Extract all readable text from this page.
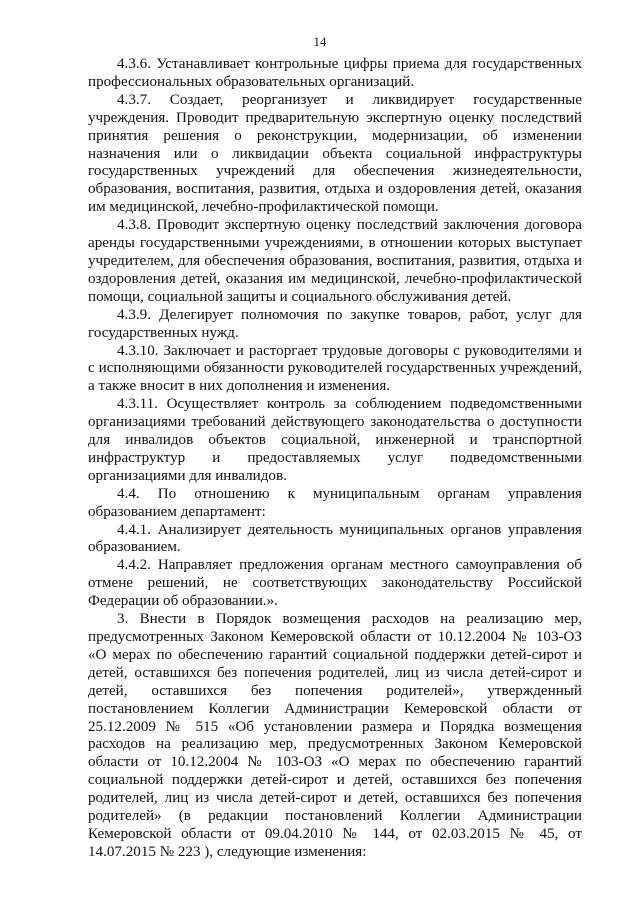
14

4.3.6. Устанавливает контрольные цифры приема для государственных профессиональных образовательных организаций.

4.3.7. Создает, реорганизует и ликвидирует государственные учреждения. Проводит предварительную экспертную оценку последствий принятия решения о реконструкции, модернизации, об изменении назначения или о ликвидации объекта социальной инфраструктуры государственных учреждений для обеспечения жизнедеятельности, образования, воспитания, развития, отдыха и оздоровления детей, оказания им медицинской, лечебно-профилактической помощи.

4.3.8. Проводит экспертную оценку последствий заключения договора аренды государственными учреждениями, в отношении которых выступает учредителем, для обеспечения образования, воспитания, развития, отдыха и оздоровления детей, оказания им медицинской, лечебно-профилактической помощи, социальной защиты и социального обслуживания детей.

4.3.9. Делегирует полномочия по закупке товаров, работ, услуг для государственных нужд.

4.3.10. Заключает и расторгает трудовые договоры с руководителями и с исполняющими обязанности руководителей государственных учреждений, а также вносит в них дополнения и изменения.

4.3.11. Осуществляет контроль за соблюдением подведомственными организациями требований действующего законодательства о доступности для инвалидов объектов социальной, инженерной и транспортной инфраструктур и предоставляемых услуг подведомственными организациями для инвалидов.

4.4. По отношению к муниципальным органам управления образованием департамент:

4.4.1. Анализирует деятельность муниципальных органов управления образованием.

4.4.2. Направляет предложения органам местного самоуправления об отмене решений, не соответствующих законодательству Российской Федерации об образовании.».

3. Внести в Порядок возмещения расходов на реализацию мер, предусмотренных Законом Кемеровской области от 10.12.2004 № 103-ОЗ «О мерах по обеспечению гарантий социальной поддержки детей-сирот и детей, оставшихся без попечения родителей, лиц из числа детей-сирот и детей, оставшихся без попечения родителей», утвержденный постановлением Коллегии Администрации Кемеровской области от 25.12.2009 № 515 «Об установлении размера и Порядка возмещения расходов на реализацию мер, предусмотренных Законом Кемеровской области от 10.12.2004 № 103-ОЗ «О мерах по обеспечению гарантий социальной поддержки детей-сирот и детей, оставшихся без попечения родителей, лиц из числа детей-сирот и детей, оставшихся без попечения родителей» (в редакции постановлений Коллегии Администрации Кемеровской области от 09.04.2010 № 144, от 02.03.2015 № 45, от 14.07.2015 № 223 ), следующие изменения:
